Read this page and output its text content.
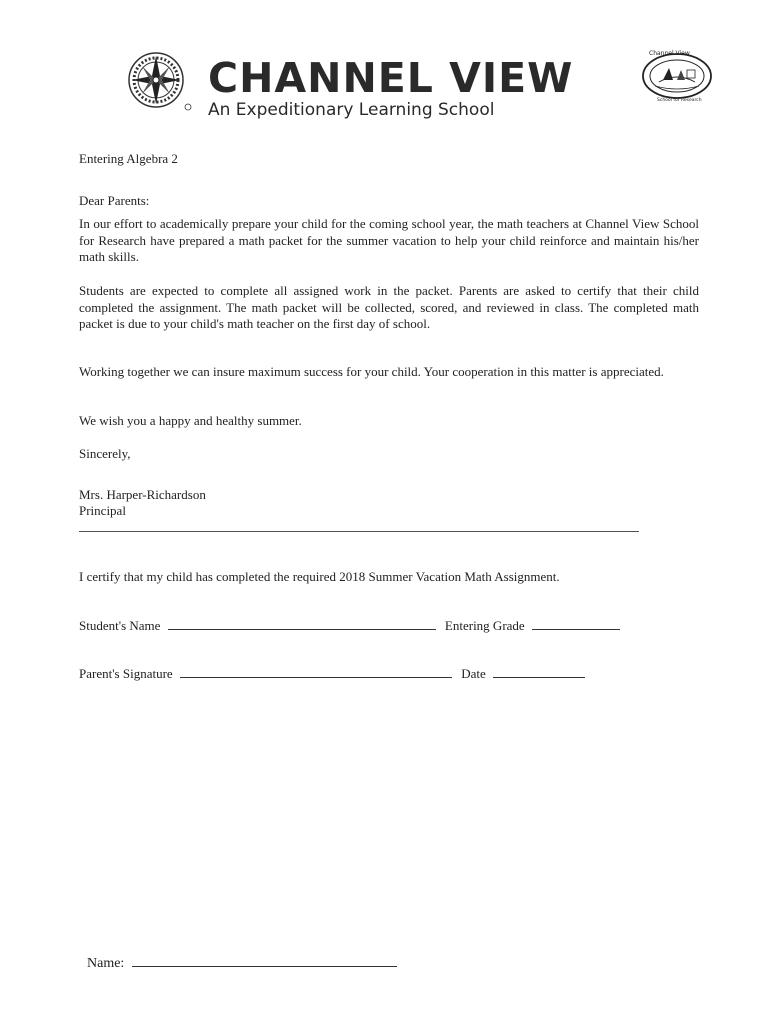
CHANNEL VIEW
An Expeditionary Learning School
Channel View
School for Research
Entering Algebra 2
Dear Parents:
In our effort to academically prepare your child for the coming school year, the math teachers at Channel View School for Research have prepared a math packet for the summer vacation to help your child reinforce and maintain his/her math skills.
Students are expected to complete all assigned work in the packet. Parents are asked to certify that their child completed the assignment. The math packet will be collected, scored, and reviewed in class. The completed math packet is due to your child's math teacher on the first day of school.
Working together we can insure maximum success for your child. Your cooperation in this matter is appreciated.
We wish you a happy and healthy summer.
Sincerely,
Mrs. Harper-Richardson
Principal
I certify that my child has completed the required 2018 Summer Vacation Math Assignment.
Student's Name	Entering Grade
Parent's Signature	Date
Name:
